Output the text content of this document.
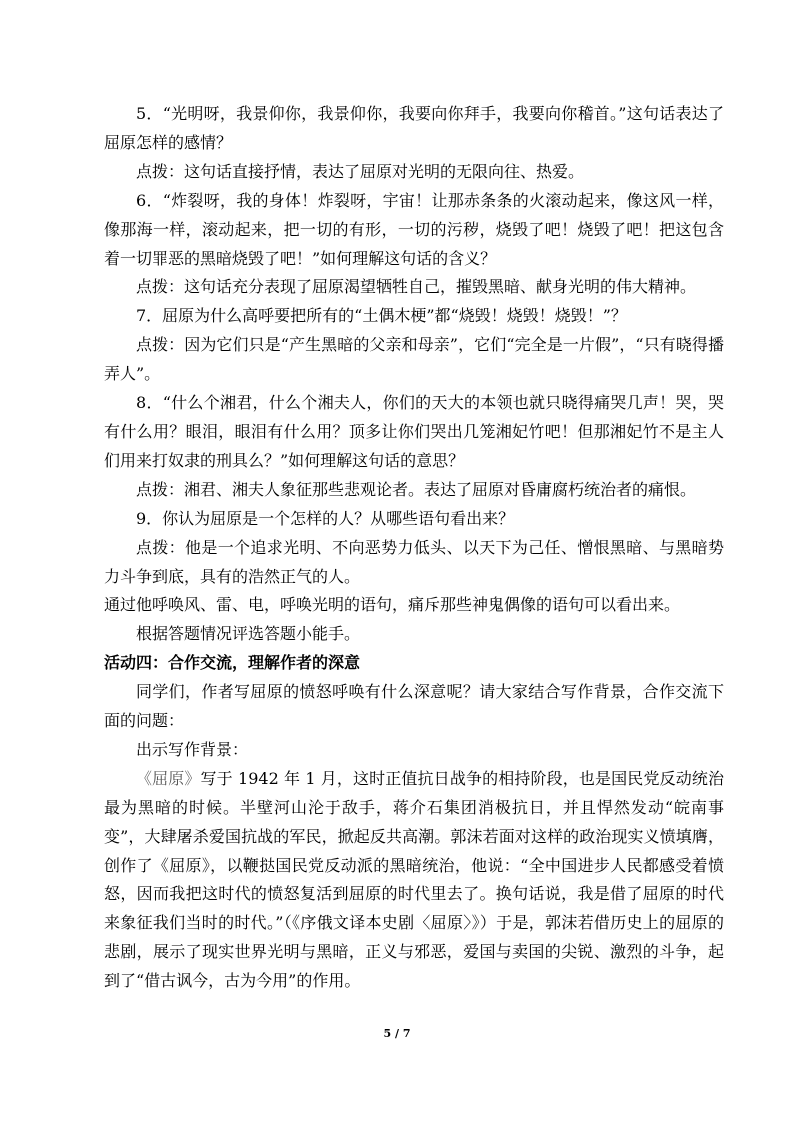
5．“光明呀，我景仰你，我景仰你，我要向你拜手，我要向你稽首。”这句话表达了屈原怎样的感情？

点拨：这句话直接抒情，表达了屈原对光明的无限向往、热爱。

6．“炸裂呀，我的身体！炸裂呀，宇宙！让那赤条条的火滚动起来，像这风一样，像那海一样，滚动起来，把一切的有形，一切的污秽，烧毁了吧！烧毁了吧！把这包含着一切罪恶的黑暗烧毁了吧！”如何理解这句话的含义？

点拨：这句话充分表现了屈原渴望牺牲自己，摧毁黑暗、献身光明的伟大精神。

7．屈原为什么高呼要把所有的“土偶木梗”都“烧毁！烧毁！烧毁！”？

点拨：因为它们只是“产生黑暗的父亲和母亲”，它们“完全是一片假”，“只有晓得播弄人”。

8．“什么个湘君，什么个湘夫人，你们的天大的本领也就只晓得痛哭几声！哭，哭有什么用？眼泪，眼泪有什么用？顶多让你们哭出几笼湘妃竹吧！但那湘妃竹不是主人们用来打奴隶的刑具么？”如何理解这句话的意思？

点拨：湘君、湘夫人象征那些悲观论者。表达了屈原对昏庸腐朽统治者的痛恨。

9．你认为屈原是一个怎样的人？从哪些语句看出来？

点拨：他是一个追求光明、不向恶势力低头、以天下为己任、憎恨黑暗、与黑暗势力斗争到底，具有的浩然正气的人。

通过他呼唤风、雷、电，呼唤光明的语句，痛斥那些神鬼偶像的语句可以看出来。

根据答题情况评选答题小能手。

活动四：合作交流，理解作者的深意

同学们，作者写屈原的愤怒呼唤有什么深意呢？请大家结合写作背景，合作交流下面的问题：

出示写作背景：

《屈原》写于 1942 年 1 月，这时正值抗日战争的相持阶段，也是国民党反动统治最为黑暗的时候。半壁河山沦于敌手，蒋介石集团消极抗日，并且悍然发动“皖南事变”，大肆屠杀爱国抗战的军民，掀起反共高潮。郭沫若面对这样的政治现实义愤填膺，创作了《屈原》，以鞭挞国民党反动派的黑暗统治，他说：“全中国进步人民都感受着愤怒，因而我把这时代的愤怒复活到屈原的时代里去了。换句话说，我是借了屈原的时代来象征我们当时的时代。”（《序俄文译本史剧〈屈原〉》）于是，郭沫若借历史上的屈原的悲剧，展示了现实世界光明与黑暗，正义与邪恶，爱国与卖国的尖锐、激烈的斗争，起到了“借古讽今，古为今用”的作用。

5 / 7
